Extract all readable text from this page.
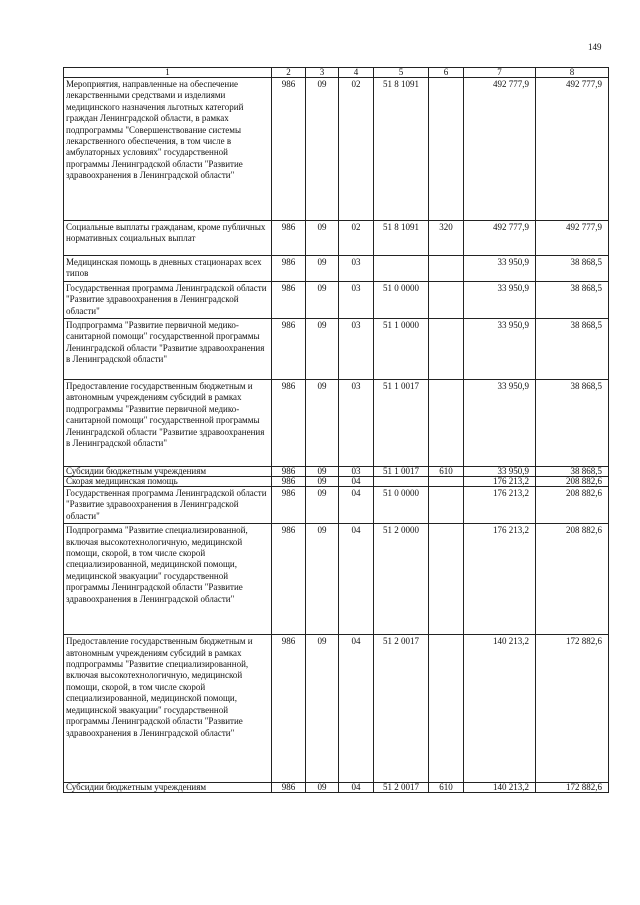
149
1	2	3	4	5	6	7	8
Мероприятия, направленные на обеспечение лекарственными средствами и изделиями медицинского назначения льготных категорий граждан Ленинградской области, в рамках подпрограммы "Совершенствование системы лекарственного обеспечения, в том числе в амбулаторных условиях" государственной программы Ленинградской области "Развитие здравоохранения в Ленинградской области"	986	09	02	51 8 1091		492 777,9	492 777,9
Социальные выплаты гражданам, кроме публичных нормативных социальных выплат	986	09	02	51 8 1091	320	492 777,9	492 777,9
Медицинская помощь в дневных стационарах всех типов	986	09	03			33 950,9	38 868,5
Государственная программа Ленинградской области "Развитие здравоохранения в Ленинградской области"	986	09	03	51 0 0000		33 950,9	38 868,5
Подпрограмма "Развитие первичной медико-санитарной помощи" государственной программы Ленинградской области "Развитие здравоохранения в Ленинградской области"	986	09	03	51 1 0000		33 950,9	38 868,5
Предоставление государственным бюджетным и автономным учреждениям субсидий в рамках подпрограммы "Развитие первичной медико-санитарной помощи" государственной программы Ленинградской области "Развитие здравоохранения в Ленинградской области"	986	09	03	51 1 0017		33 950,9	38 868,5
Субсидии бюджетным учреждениям	986	09	03	51 1 0017	610	33 950,9	38 868,5
Скорая медицинская помощь	986	09	04			176 213,2	208 882,6
Государственная программа Ленинградской области "Развитие здравоохранения в Ленинградской области"	986	09	04	51 0 0000		176 213,2	208 882,6
Подпрограмма "Развитие специализированной, включая высокотехнологичную, медицинской помощи, скорой, в том числе скорой специализированной, медицинской помощи, медицинской эвакуации" государственной программы Ленинградской области "Развитие здравоохранения в Ленинградской области"	986	09	04	51 2 0000		176 213,2	208 882,6
Предоставление государственным бюджетным и автономным учреждениям субсидий в рамках подпрограммы "Развитие специализированной, включая высокотехнологичную, медицинской помощи, скорой, в том числе скорой специализированной, медицинской помощи, медицинской эвакуации" государственной программы Ленинградской области "Развитие здравоохранения в Ленинградской области"	986	09	04	51 2 0017		140 213,2	172 882,6
Субсидии бюджетным учреждениям	986	09	04	51 2 0017	610	140 213,2	172 882,6
